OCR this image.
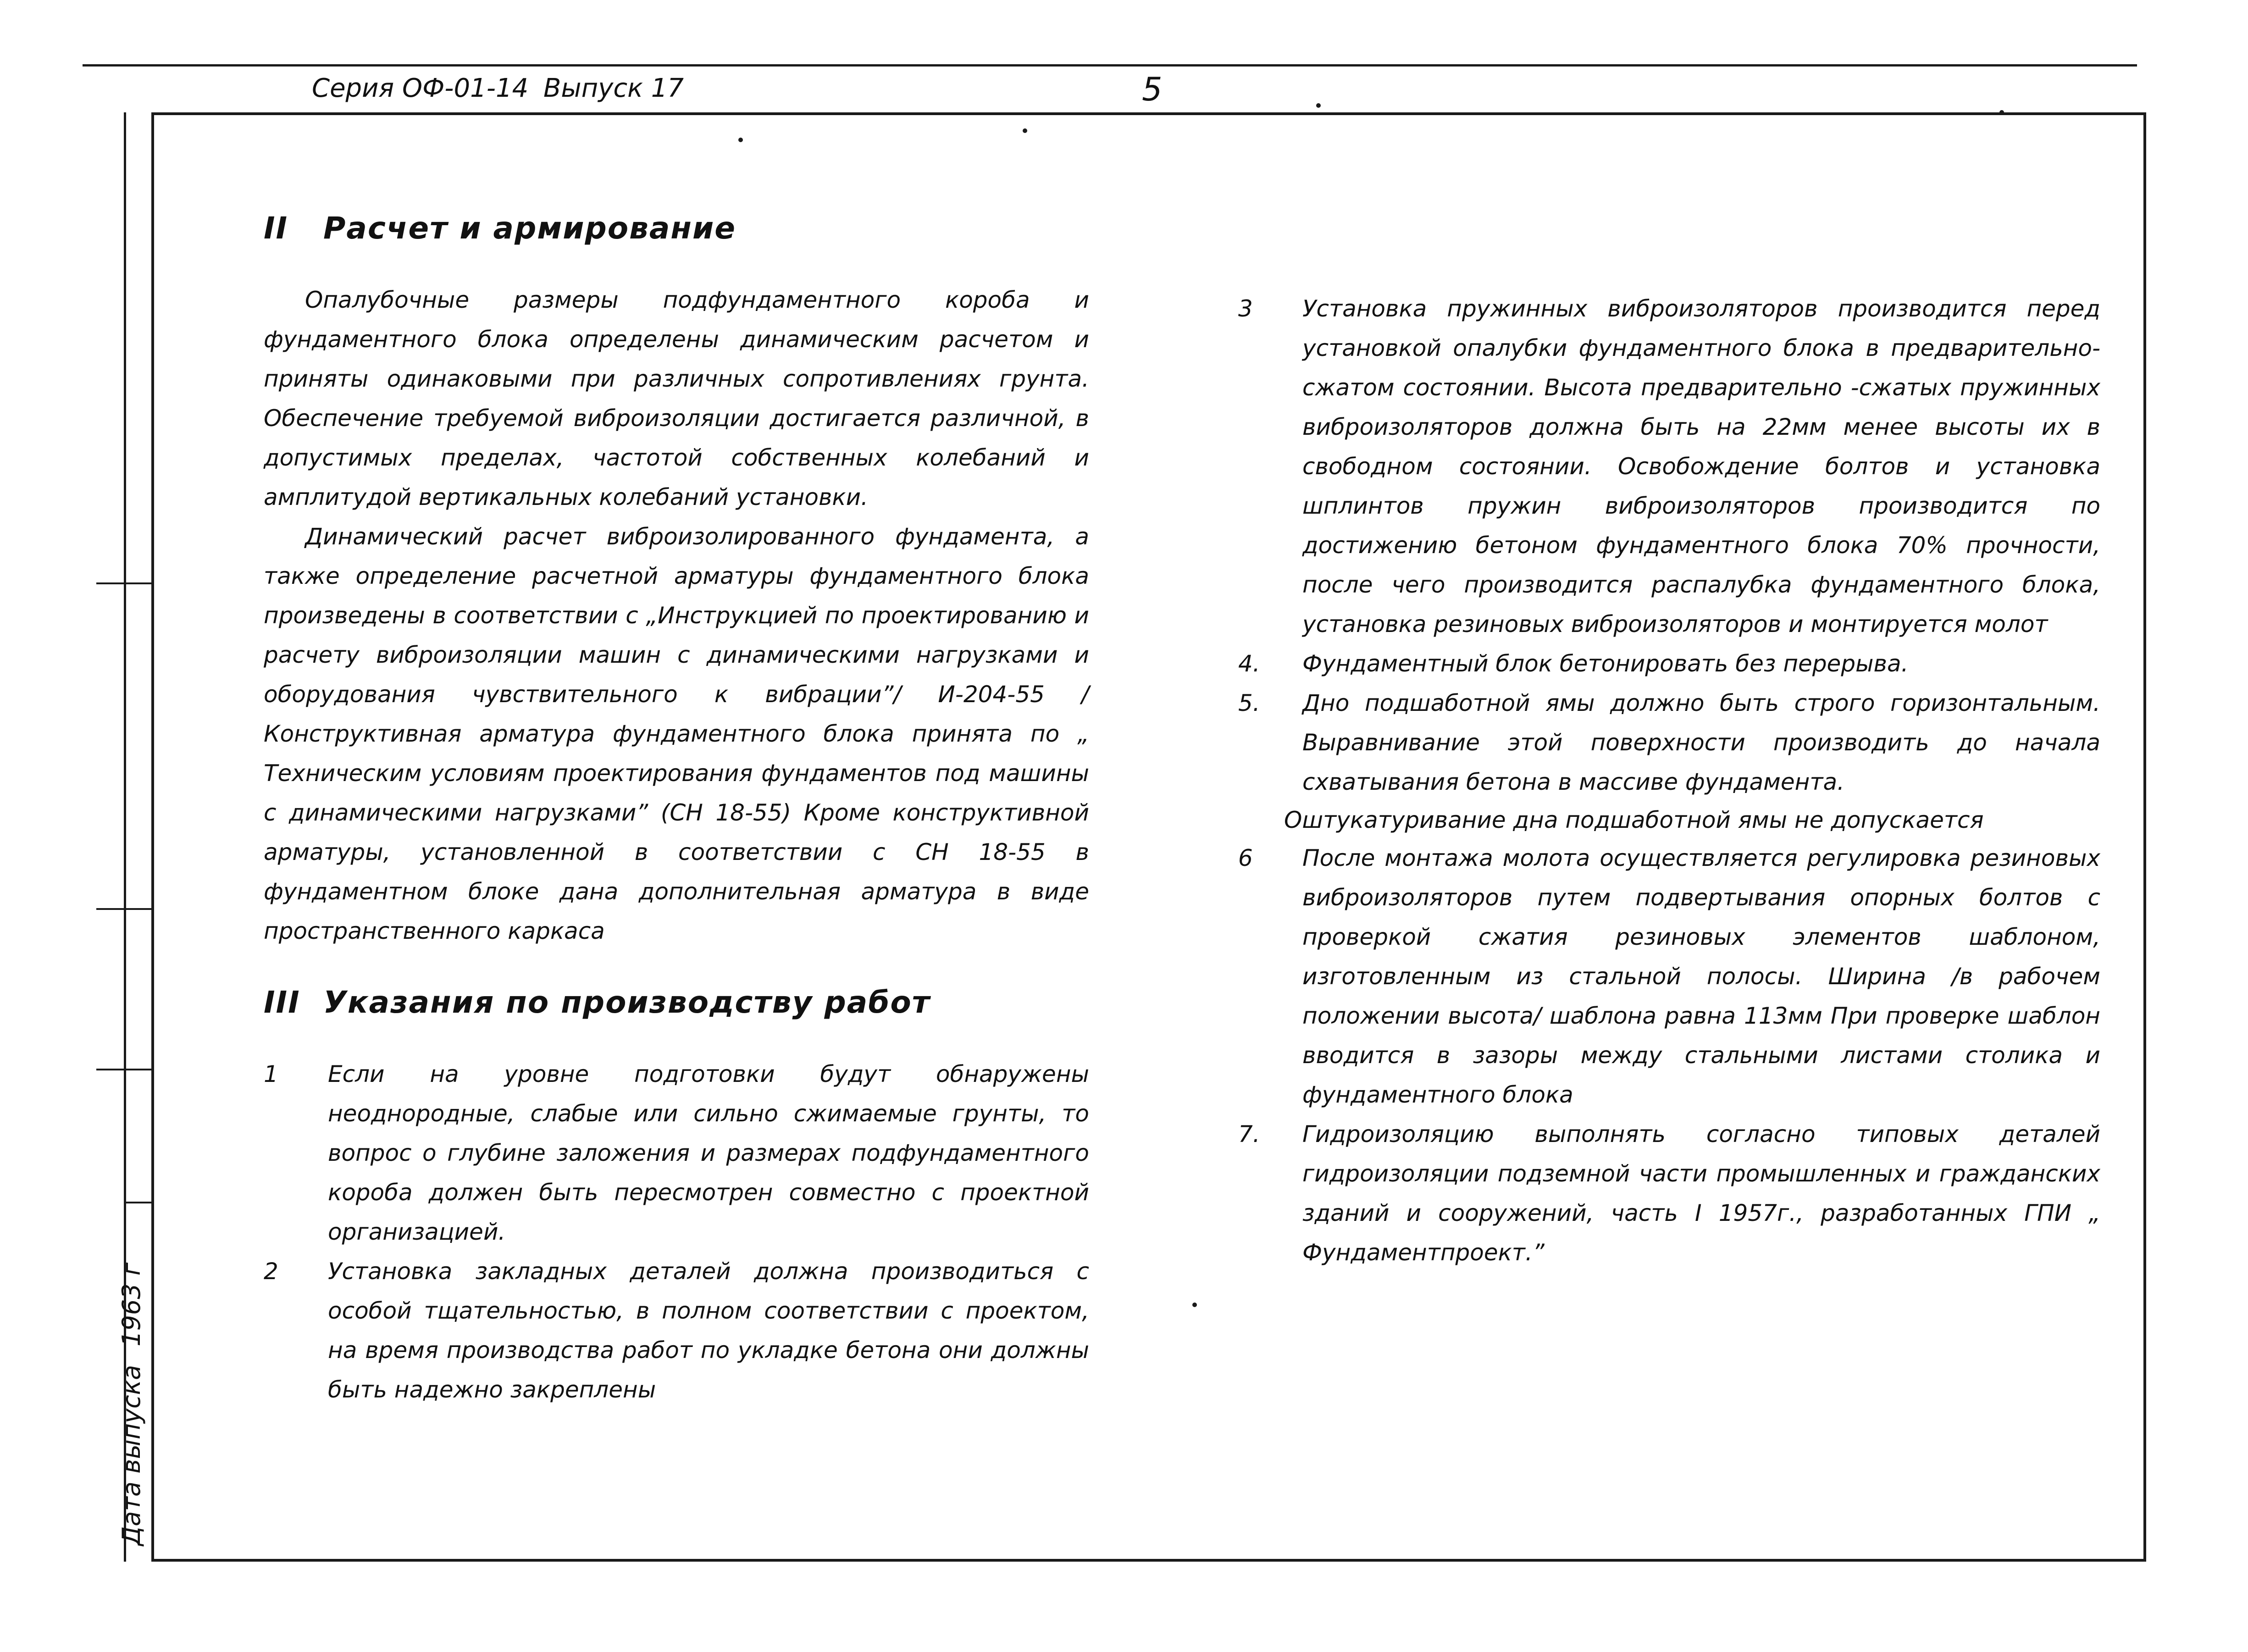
Серия ОФ-01-14 Выпуск 17	5
Дата выпуска1963 г
II Расчет и армирование

Опалубочные размеры подфундаментного короба и фундаментного блока определены динамическим расчетом и приняты одинаковыми при различных сопротивлениях грунта. Обеспечение требуемой виброизоляции достигается различной, в допустимых пределах, частотой собственных колебаний и амплитудой вертикальных колебаний установки.

Динамический расчет виброизолированного фундамента, а также определение расчетной арматуры фундаментного блока произведены в соответствии с „Инструкцией по проектированию и расчету виброизоляции машин с динамическими нагрузками и оборудования чувствительного к вибрации”/ И-204-55 / Конструктивная арматура фундаментного блока принята по „ Техническим условиям проектирования фундаментов под машины с динамическими нагрузками” (СН 18-55) Кроме конструктивной арматуры, установленной в соответствии с СН 18-55 в фундаментном блоке дана дополнительная арматура в виде пространственного каркаса

III Указания по производству работ
1	Если на уровне подготовки будут обнаружены неоднородные, слабые или сильно сжимаемые грунты, то вопрос о глубине заложения и размерах подфундаментного короба должен быть пересмотрен совместно с проектной организацией.
2	Установка закладных деталей должна производиться с особой тщательностью, в полном соответствии с проектом, на время производства работ по укладке бетона они должны быть надежно закреплены
3	Установка пружинных виброизоляторов производится перед установкой опалубки фундаментного блока в предварительно-сжатом состоянии. Высота предварительно -сжатых пружинных виброизоляторов должна быть на 22мм менее высоты их в свободном состоянии. Освобождение болтов и установка шплинтов пружин виброизоляторов производится по достижению бетоном фундаментного блока 70% прочности, после чего производится распалубка фундаментного блока, установка резиновых виброизоляторов и монтируется молот
4.	Фундаментный блок бетонировать без перерыва.
5.	Дно подшаботной ямы должно быть строго горизонтальным. Выравнивание этой поверхности производить до начала схватывания бетона в массиве фундамента.

Оштукатуривание дна подшаботной ямы не допускается

6	После монтажа молота осуществляется регулировка резиновых виброизоляторов путем подвертывания опорных болтов с проверкой сжатия резиновых элементов шаблоном, изготовленным из стальной полосы. Ширина /в рабочем положении высота/ шаблона равна 113мм При проверке шаблон вводится в зазоры между стальными листами столика и фундаментного блока
7.	Гидроизоляцию выполнять согласно типовых деталей гидроизоляции подземной части промышленных и гражданских зданий и сооружений, часть I 1957г., разработанных ГПИ „ Фундаментпроект.”
